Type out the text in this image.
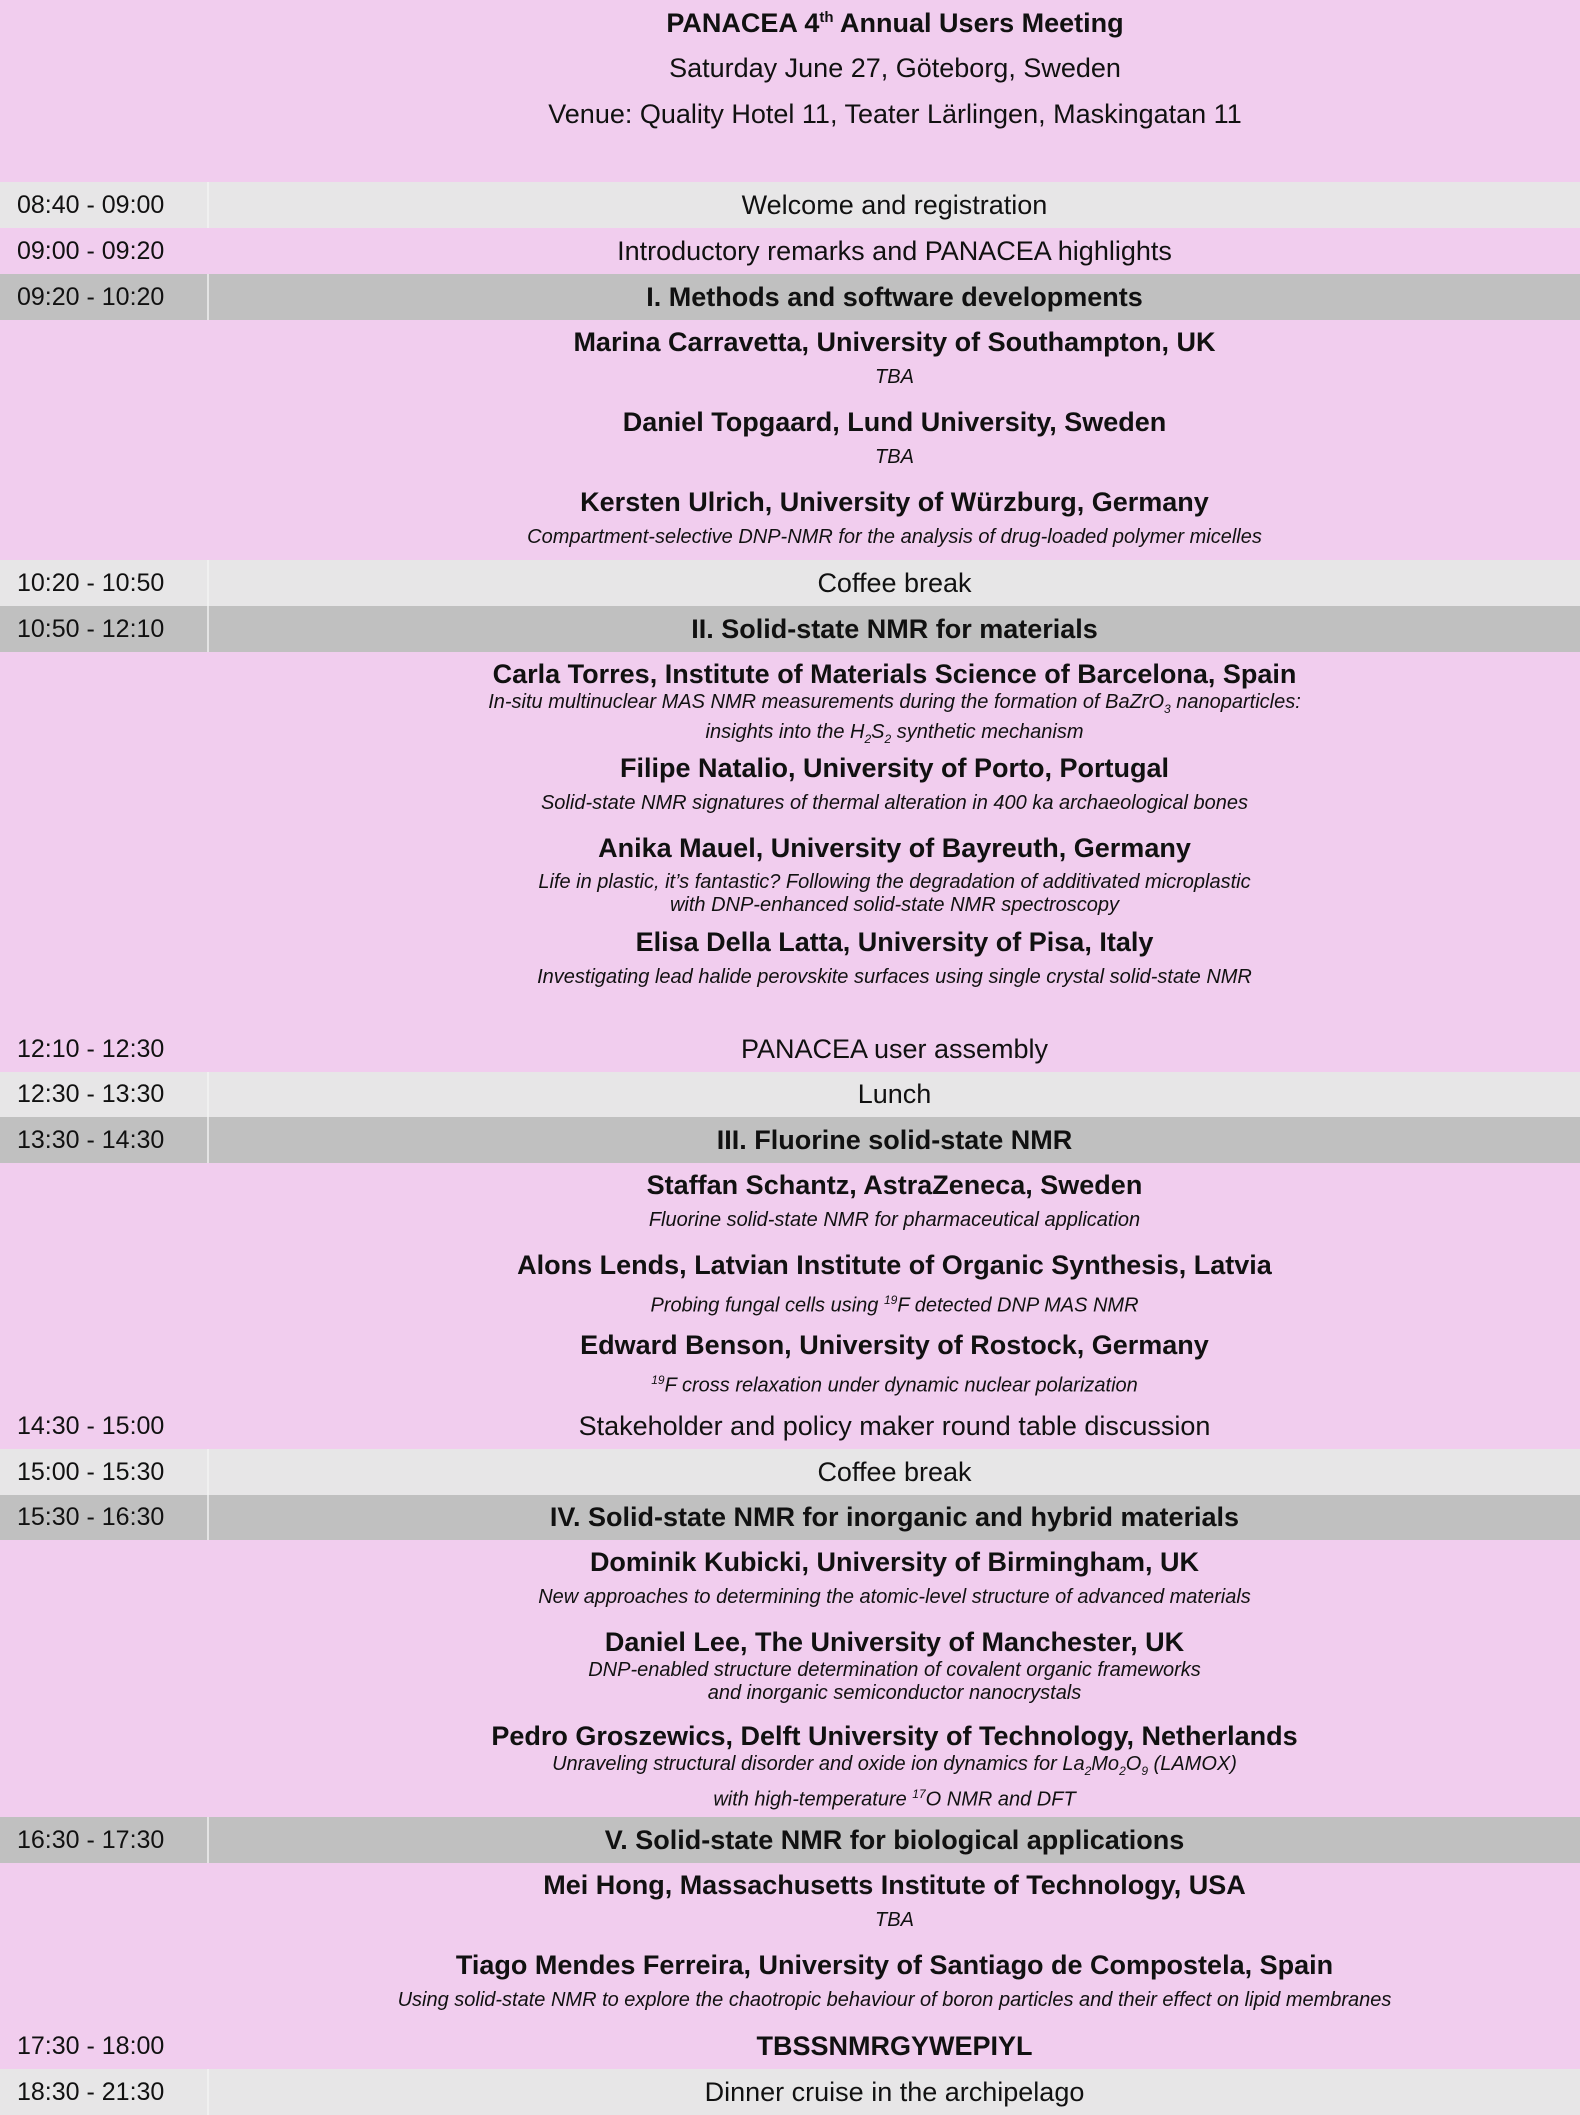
PANACEA 4th Annual Users Meeting
Saturday June 27, Göteborg, Sweden
Venue: Quality Hotel 11, Teater Lärlingen, Maskingatan 11
08:40 - 09:00	Welcome and registration
09:00 - 09:20	Introductory remarks and PANACEA highlights
09:20 - 10:20	I. Methods and software developments
Marina Carravetta, University of Southampton, UK
TBA
Daniel Topgaard, Lund University, Sweden
TBA
Kersten Ulrich, University of Würzburg, Germany
Compartment-selective DNP-NMR for the analysis of drug-loaded polymer micelles
10:20 - 10:50	Coffee break
10:50 - 12:10	II. Solid-state NMR for materials
Carla Torres, Institute of Materials Science of Barcelona, Spain
In-situ multinuclear MAS NMR measurements during the formation of BaZrO$_3$ nanoparticles:
insights into the $H_2S_2$ synthetic mechanism
Filipe Natalio, University of Porto, Portugal
Solid-state NMR signatures of thermal alteration in 400 ka archaeological bones
Anika Mauel, University of Bayreuth, Germany
Life in plastic, it’s fantastic? Following the degradation of additivated microplastic
with DNP-enhanced solid-state NMR spectroscopy
Elisa Della Latta, University of Pisa, Italy
Investigating lead halide perovskite surfaces using single crystal solid-state NMR
12:10 - 12:30	PANACEA user assembly
12:30 - 13:30	Lunch
13:30 - 14:30	III. Fluorine solid-state NMR
Staffan Schantz, AstraZeneca, Sweden
Fluorine solid-state NMR for pharmaceutical application
Alons Lends, Latvian Institute of Organic Synthesis, Latvia
Probing fungal cells using $^{19}$F detected DNP MAS NMR
Edward Benson, University of Rostock, Germany
$^{19}$F cross relaxation under dynamic nuclear polarization
14:30 - 15:00	Stakeholder and policy maker round table discussion
15:00 - 15:30	Coffee break
15:30 - 16:30	IV. Solid-state NMR for inorganic and hybrid materials
Dominik Kubicki, University of Birmingham, UK
New approaches to determining the atomic-level structure of advanced materials
Daniel Lee, The University of Manchester, UK
DNP-enabled structure determination of covalent organic frameworks
and inorganic semiconductor nanocrystals
Pedro Groszewics, Delft University of Technology, Netherlands
Unraveling structural disorder and oxide ion dynamics for $La_2Mo_2O_9$ (LAMOX)
with high-temperature $^{17}$O NMR and DFT
16:30 - 17:30	V. Solid-state NMR for biological applications
Mei Hong, Massachusetts Institute of Technology, USA
TBA
Tiago Mendes Ferreira, University of Santiago de Compostela, Spain
Using solid-state NMR to explore the chaotropic behaviour of boron particles and their effect on lipid membranes
17:30 - 18:00	TBSSNMRGYWEPIYL
18:30 - 21:30	Dinner cruise in the archipelago
